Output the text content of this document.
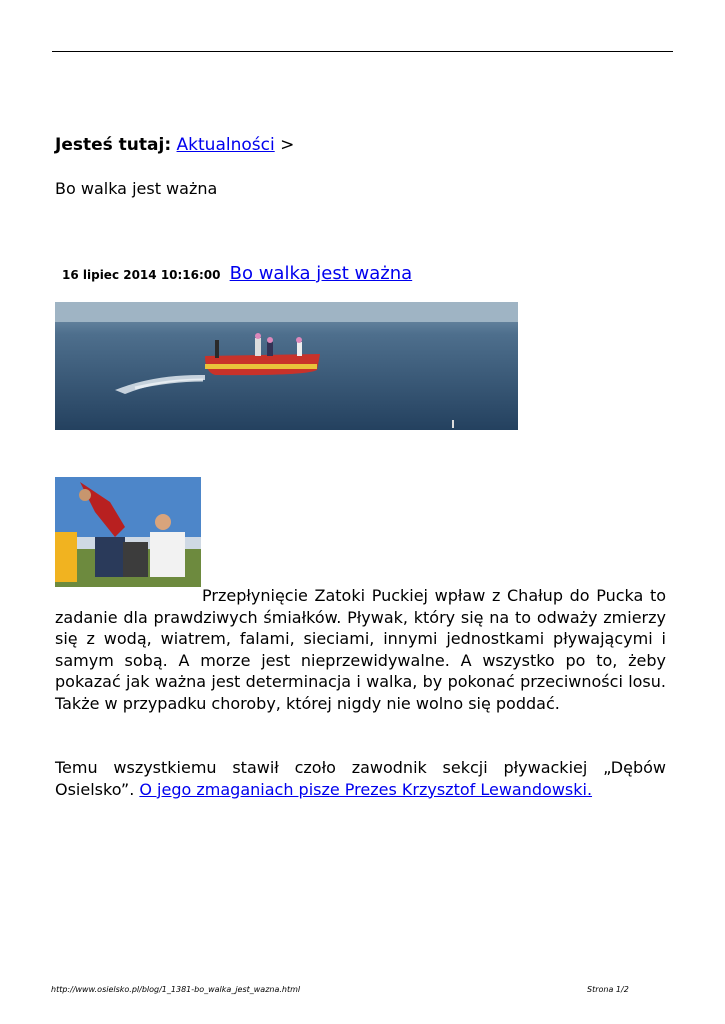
Jesteś tutaj: Aktualności >
Bo walka jest ważna
16 lipiec 2014 10:16:00 Bo walka jest ważna

Przepłynięcie Zatoki Puckiej wpław z Chałup do Pucka to zadanie dla prawdziwych śmiałków. Pływak, który się na to odważy zmierzy się z wodą, wiatrem, falami, sieciami, innymi jednostkami pływającymi i samym sobą. A morze jest nieprzewidywalne. A wszystko po to, żeby pokazać jak ważna jest determinacja i walka, by pokonać przeciwności losu. Także w przypadku choroby, której nigdy nie wolno się poddać.

Temu wszystkiemu stawił czoło zawodnik sekcji pływackiej „Dębów Osielsko”. O jego zmaganiach pisze Prezes Krzysztof Lewandowski.

http://www.osielsko.pl/blog/1_1381-bo_walka_jest_wazna.html	Strona 1/2
